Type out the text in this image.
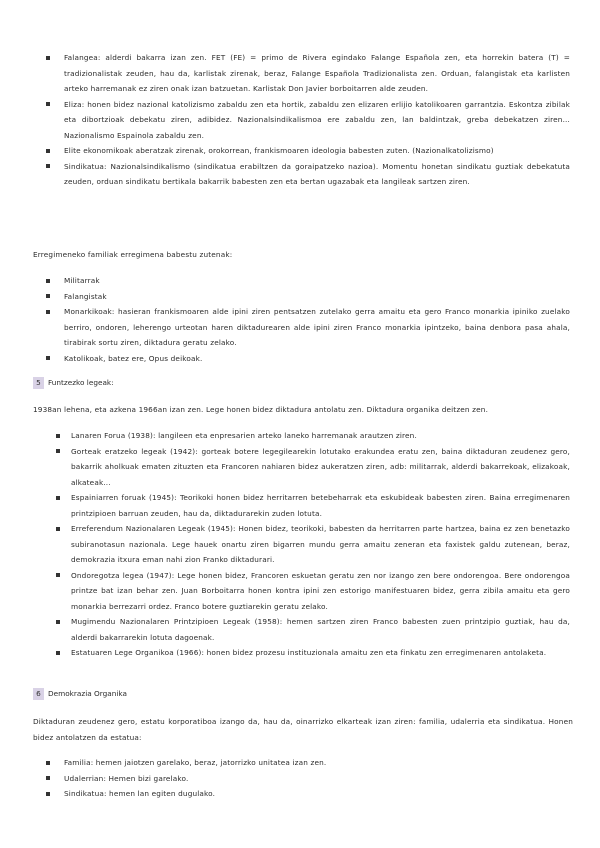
Falangea: alderdi bakarra izan zen. FET (FE) = primo de Rivera egindako Falange Española zen, eta horrekin batera (T) = tradizionalistak zeuden, hau da, karlistak zirenak, beraz, Falange Española Tradizionalista zen. Orduan, falangistak eta karlisten arteko harremanak ez ziren onak izan batzuetan. Karlistak Don Javier borboitarren alde zeuden.
Eliza: honen bidez nazional katolizismo zabaldu zen eta hortik, zabaldu zen elizaren erlijio katolikoaren garrantzia. Eskontza zibilak eta dibortzioak debekatu ziren, adibidez. Nazionalsindikalismoa ere zabaldu zen, lan baldintzak, greba debekatzen ziren... Nazionalismo Espainola zabaldu zen.
Elite ekonomikoak aberatzak zirenak, orokorrean, frankismoaren ideologia babesten zuten. (Nazionalkatolizismo)
Sindikatua: Nazionalsindikalismo (sindikatua erabiltzen da goraipatzeko nazioa). Momentu honetan sindikatu guztiak debekatuta zeuden, orduan sindikatu bertikala bakarrik babesten zen eta bertan ugazabak eta langileak sartzen ziren.
Erregimeneko familiak erregimena babestu zutenak:
Militarrak
Falangistak
Monarkikoak: hasieran frankismoaren alde ipini ziren pentsatzen zutelako gerra amaitu eta gero Franco monarkia ipiniko zuelako berriro, ondoren, leherengo urteotan haren diktadurearen alde ipini ziren Franco monarkia ipintzeko, baina denbora pasa ahala, tirabirak sortu ziren, diktadura geratu zelako.
Katolikoak, batez ere, Opus deikoak.
5 Funtzezko legeak:
1938an lehena, eta azkena 1966an izan zen. Lege honen bidez diktadura antolatu zen. Diktadura organika deitzen zen.
Lanaren Forua (1938): langileen eta enpresarien arteko laneko harremanak arautzen ziren.
Gorteak eratzeko legeak (1942): gorteak botere legegilearekin lotutako erakundea eratu zen, baina diktaduran zeudenez gero, bakarrik aholkuak ematen zituzten eta Francoren nahiaren bidez aukeratzen ziren, adb: militarrak, alderdi bakarrekoak, elizakoak, alkateak...
Espainiarren foruak (1945): Teorikoki honen bidez herritarren betebeharrak eta eskubideak babesten ziren. Baina erregimenaren printzipioen barruan zeuden, hau da, diktadurarekin zuden lotuta.
Erreferendum Nazionalaren Legeak (1945): Honen bidez, teorikoki, babesten da herritarren parte hartzea, baina ez zen benetazko subiranotasun nazionala. Lege hauek onartu ziren bigarren mundu gerra amaitu zeneran eta faxistek galdu zutenean, beraz, demokrazia itxura eman nahi zion Franko diktadurari.
Ondoregotza legea (1947): Lege honen bidez, Francoren eskuetan geratu zen nor izango zen bere ondorengoa. Bere ondorengoa printze bat izan behar zen. Juan Borboitarra honen kontra ipini zen estorigo manifestuaren bidez, gerra zibila amaitu eta gero monarkia berrezarri ordez. Franco botere guztiarekin geratu zelako.
Mugimendu Nazionalaren Printzipioen Legeak (1958): hemen sartzen ziren Franco babesten zuen printzipio guztiak, hau da, alderdi bakarrarekin lotuta dagoenak.
Estatuaren Lege Organikoa (1966): honen bidez prozesu instituzionala amaitu zen eta finkatu zen erregimenaren antolaketa.
6 Demokrazia Organika
Diktaduran zeudenez gero, estatu korporatiboa izango da, hau da, oinarrizko elkarteak izan ziren: familia, udalerria eta sindikatua. Honen bidez antolatzen da estatua:
Familia: hemen jaiotzen garelako, beraz, jatorrizko unitatea izan zen.
Udalerrian: Hemen bizi garelako.
Sindikatua: hemen lan egiten dugulako.
